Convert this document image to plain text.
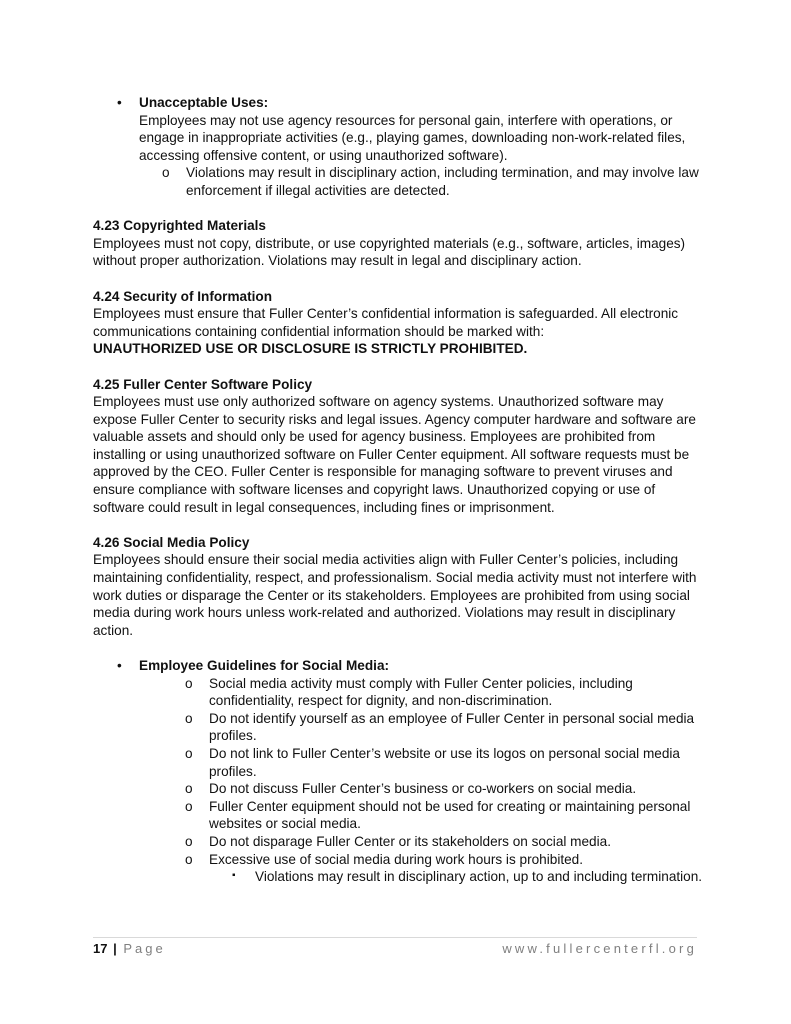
• Unacceptable Uses:
Employees may not use agency resources for personal gain, interfere with operations, or engage in inappropriate activities (e.g., playing games, downloading non-work-related files, accessing offensive content, or using unauthorized software).
o Violations may result in disciplinary action, including termination, and may involve law enforcement if illegal activities are detected.

4.23 Copyrighted Materials

Employees must not copy, distribute, or use copyrighted materials (e.g., software, articles, images) without proper authorization. Violations may result in legal and disciplinary action.

4.24 Security of Information

Employees must ensure that Fuller Center’s confidential information is safeguarded. All electronic communications containing confidential information should be marked with:

UNAUTHORIZED USE OR DISCLOSURE IS STRICTLY PROHIBITED.

4.25 Fuller Center Software Policy

Employees must use only authorized software on agency systems. Unauthorized software may expose Fuller Center to security risks and legal issues. Agency computer hardware and software are valuable assets and should only be used for agency business. Employees are prohibited from installing or using unauthorized software on Fuller Center equipment. All software requests must be approved by the CEO. Fuller Center is responsible for managing software to prevent viruses and ensure compliance with software licenses and copyright laws. Unauthorized copying or use of software could result in legal consequences, including fines or imprisonment.

4.26 Social Media Policy

Employees should ensure their social media activities align with Fuller Center’s policies, including maintaining confidentiality, respect, and professionalism. Social media activity must not interfere with work duties or disparage the Center or its stakeholders. Employees are prohibited from using social media during work hours unless work-related and authorized. Violations may result in disciplinary action.

• Employee Guidelines for Social Media:
o Social media activity must comply with Fuller Center policies, including confidentiality, respect for dignity, and non-discrimination.
o Do not identify yourself as an employee of Fuller Center in personal social media profiles.
o Do not link to Fuller Center’s website or use its logos on personal social media profiles.
o Do not discuss Fuller Center’s business or co-workers on social media.
o Fuller Center equipment should not be used for creating or maintaining personal websites or social media.
o Do not disparage Fuller Center or its stakeholders on social media.
o Excessive use of social media during work hours is prohibited.
▪ Violations may result in disciplinary action, up to and including termination.
17 | Page	www.fullercenterfl.org
